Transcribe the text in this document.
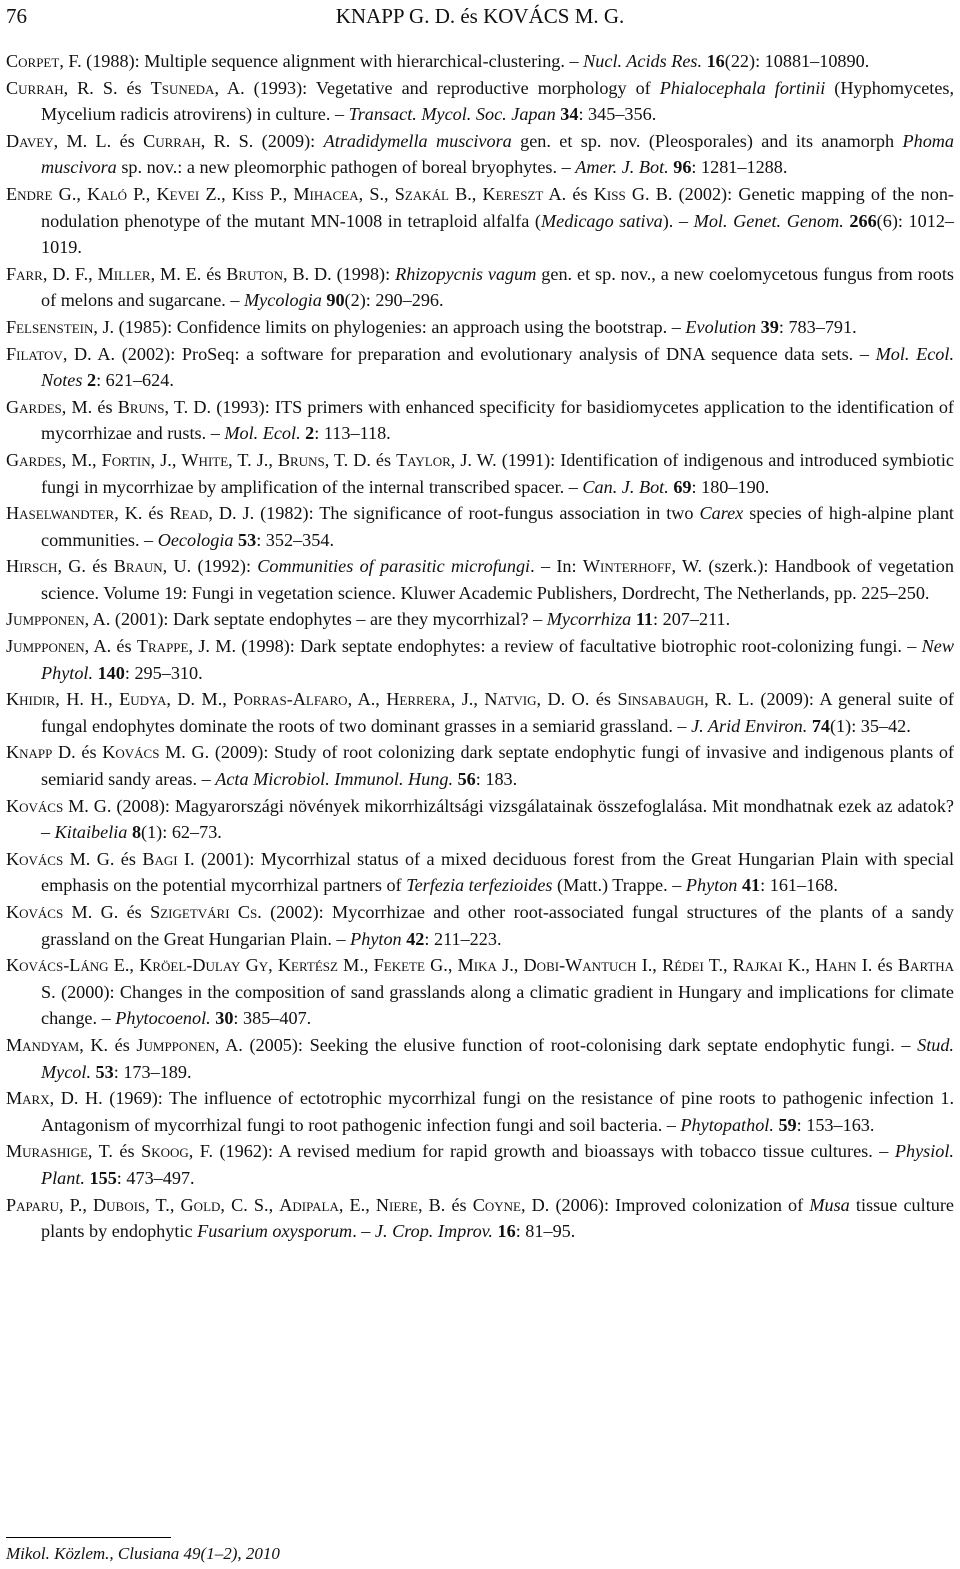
76	KNAPP G. D. és KOVÁCS M. G.

Corpet, F. (1988): Multiple sequence alignment with hierarchical-clustering. – Nucl. Acids Res. 16(22): 10881–10890.

Currah, R. S. és Tsuneda, A. (1993): Vegetative and reproductive morphology of Phialocephala fortinii (Hyphomycetes, Mycelium radicis atrovirens) in culture. – Transact. Mycol. Soc. Japan 34: 345–356.

Davey, M. L. és Currah, R. S. (2009): Atradidymella muscivora gen. et sp. nov. (Pleosporales) and its anamorph Phoma muscivora sp. nov.: a new pleomorphic pathogen of boreal bryophytes. – Amer. J. Bot. 96: 1281–1288.

Endre G., Kaló P., Kevei Z., Kiss P., Mihacea, S., Szakál B., Kereszt A. és Kiss G. B. (2002): Genetic mapping of the non-nodulation phenotype of the mutant MN-1008 in tetraploid alfalfa (Medicago sativa). – Mol. Genet. Genom. 266(6): 1012–1019.

Farr, D. F., Miller, M. E. és Bruton, B. D. (1998): Rhizopycnis vagum gen. et sp. nov., a new coelomycetous fungus from roots of melons and sugarcane. – Mycologia 90(2): 290–296.

Felsenstein, J. (1985): Confidence limits on phylogenies: an approach using the bootstrap. – Evolution 39: 783–791.

Filatov, D. A. (2002): ProSeq: a software for preparation and evolutionary analysis of DNA sequence data sets. – Mol. Ecol. Notes 2: 621–624.

Gardes, M. és Bruns, T. D. (1993): ITS primers with enhanced specificity for basidiomycetes application to the identification of mycorrhizae and rusts. – Mol. Ecol. 2: 113–118.

Gardes, M., Fortin, J., White, T. J., Bruns, T. D. és Taylor, J. W. (1991): Identification of indigenous and introduced symbiotic fungi in mycorrhizae by amplification of the internal transcribed spacer. – Can. J. Bot. 69: 180–190.

Haselwandter, K. és Read, D. J. (1982): The significance of root-fungus association in two Carex species of high-alpine plant communities. – Oecologia 53: 352–354.

Hirsch, G. és Braun, U. (1992): Communities of parasitic microfungi. – In: Winterhoff, W. (szerk.): Handbook of vegetation science. Volume 19: Fungi in vegetation science. Kluwer Academic Publishers, Dordrecht, The Netherlands, pp. 225–250.

Jumpponen, A. (2001): Dark septate endophytes – are they mycorrhizal? – Mycorrhiza 11: 207–211.

Jumpponen, A. és Trappe, J. M. (1998): Dark septate endophytes: a review of facultative biotrophic root-colonizing fungi. – New Phytol. 140: 295–310.

Khidir, H. H., Eudya, D. M., Porras-Alfaro, A., Herrera, J., Natvig, D. O. és Sinsabaugh, R. L. (2009): A general suite of fungal endophytes dominate the roots of two dominant grasses in a semiarid grassland. – J. Arid Environ. 74(1): 35–42.

Knapp D. és Kovács M. G. (2009): Study of root colonizing dark septate endophytic fungi of invasive and indigenous plants of semiarid sandy areas. – Acta Microbiol. Immunol. Hung. 56: 183.

Kovács M. G. (2008): Magyarországi növények mikorrhizáltsági vizsgálatainak összefoglalása. Mit mondhatnak ezek az adatok? – Kitaibelia 8(1): 62–73.

Kovács M. G. és Bagi I. (2001): Mycorrhizal status of a mixed deciduous forest from the Great Hungarian Plain with special emphasis on the potential mycorrhizal partners of Terfezia terfezioides (Matt.) Trappe. – Phyton 41: 161–168.

Kovács M. G. és Szigetvári Cs. (2002): Mycorrhizae and other root-associated fungal structures of the plants of a sandy grassland on the Great Hungarian Plain. – Phyton 42: 211–223.

Kovács-Láng E., Kröel-Dulay Gy, Kertész M., Fekete G., Mika J., Dobi-Wantuch I., Rédei T., Rajkai K., Hahn I. és Bartha S. (2000): Changes in the composition of sand grasslands along a climatic gradient in Hungary and implications for climate change. – Phytocoenol. 30: 385–407.

Mandyam, K. és Jumpponen, A. (2005): Seeking the elusive function of root-colonising dark septate endophytic fungi. – Stud. Mycol. 53: 173–189.

Marx, D. H. (1969): The influence of ectotrophic mycorrhizal fungi on the resistance of pine roots to pathogenic infection 1. Antagonism of mycorrhizal fungi to root pathogenic infection fungi and soil bacteria. – Phytopathol. 59: 153–163.

Murashige, T. és Skoog, F. (1962): A revised medium for rapid growth and bioassays with tobacco tissue cultures. – Physiol. Plant. 155: 473–497.

Paparu, P., Dubois, T., Gold, C. S., Adipala, E., Niere, B. és Coyne, D. (2006): Improved colonization of Musa tissue culture plants by endophytic Fusarium oxysporum. – J. Crop. Improv. 16: 81–95.

Mikol. Közlem., Clusiana 49(1–2), 2010
